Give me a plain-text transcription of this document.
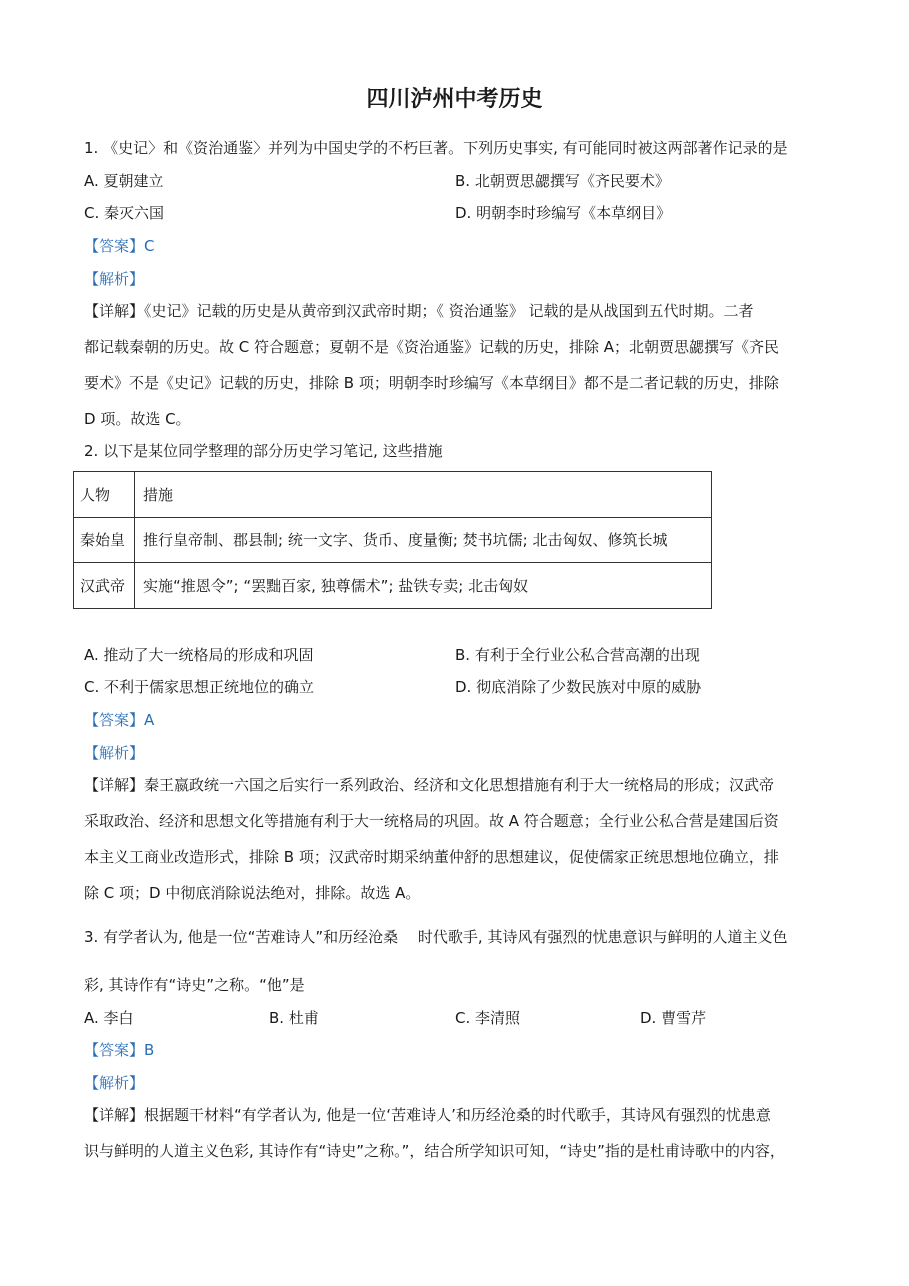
四川泸州中考历史
1. 《史记〉和《资治通鉴〉并列为中国史学的不朽巨著。下列历史事实, 有可能同时被这两部著作记录的是
A. 夏朝建立	B. 北朝贾思勰撰写《齐民要术》
C. 秦灭六国	D. 明朝李时珍编写《本草纲目》
【答案】C
【解析】
【详解】《史记》记载的历史是从黄帝到汉武帝时期；《 资治通鉴》 记载的是从战国到五代时期。二者
都记载秦朝的历史。故 C 符合题意；夏朝不是《资治通鉴》记载的历史，排除 A；北朝贾思勰撰写《齐民
要术》不是《史记》记载的历史，排除 B 项；明朝李时珍编写《本草纲目》都不是二者记载的历史，排除
D 项。故选 C。
2. 以下是某位同学整理的部分历史学习笔记, 这些措施
人物	措施
秦始皇	推行皇帝制、郡县制; 统一文字、货币、度量衡; 焚书坑儒; 北击匈奴、修筑长城
汉武帝	实施“推恩令”; “罢黜百家, 独尊儒术”; 盐铁专卖; 北击匈奴
A. 推动了大一统格局的形成和巩固	B. 有利于全行业公私合营高潮的出现
C. 不利于儒家思想正统地位的确立	D. 彻底消除了少数民族对中原的威胁
【答案】A
【解析】
【详解】秦王嬴政统一六国之后实行一系列政治、经济和文化思想措施有利于大一统格局的形成；汉武帝
采取政治、经济和思想文化等措施有利于大一统格局的巩固。故 A 符合题意；全行业公私合营是建国后资
本主义工商业改造形式，排除 B 项；汉武帝时期采纳董仲舒的思想建议，促使儒家正统思想地位确立，排
除 C 项；D 中彻底消除说法绝对，排除。故选 A。
3. 有学者认为, 他是一位“苦难诗人”和历经沧桑 　时代歌手, 其诗风有强烈的忧患意识与鲜明的人道主义色
彩, 其诗作有“诗史”之称。“他”是
A. 李白	B. 杜甫	C. 李清照	D. 曹雪芹
【答案】B
【解析】
【详解】根据题干材料“有学者认为, 他是一位‘苦难诗人’和历经沧桑的时代歌手，其诗风有强烈的忧患意
识与鲜明的人道主义色彩, 其诗作有“诗史”之称。”，结合所学知识可知，“诗史”指的是杜甫诗歌中的内容，
